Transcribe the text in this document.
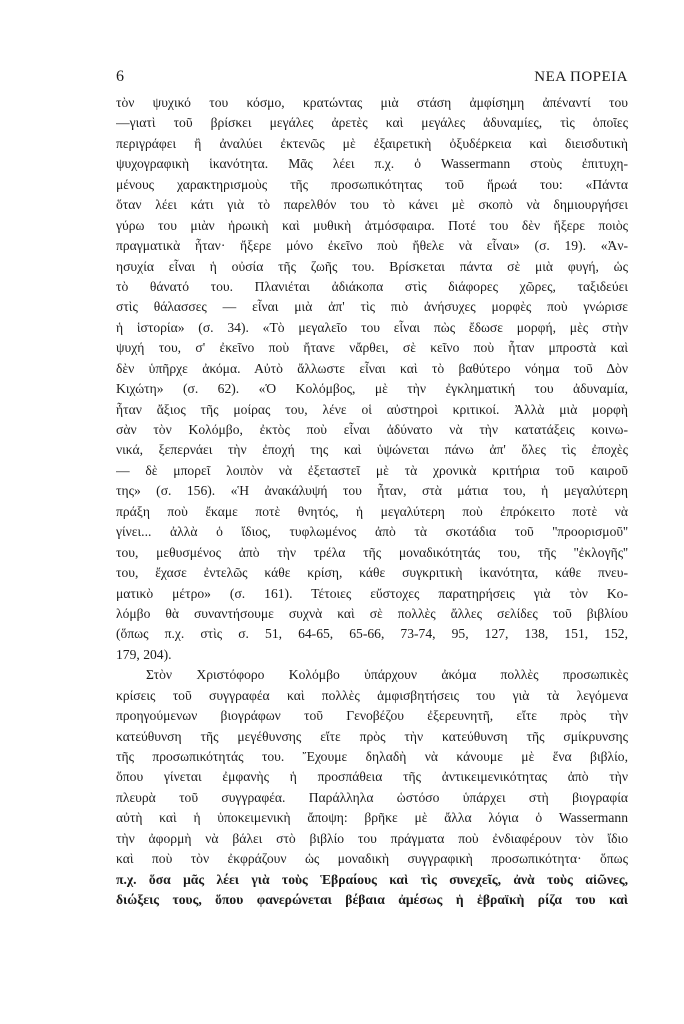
6	ΝΕΑ ΠΟΡΕΙΑ
τὸν ψυχικό του κόσμο, κρατώντας μιὰ στάση ἀμφίσημη ἀπέναντί του
—γιατὶ τοῦ βρίσκει μεγάλες ἀρετὲς καὶ μεγάλες ἀδυναμίες, τὶς ὁποῖες
περιγράφει ἢ ἀναλύει ἐκτενῶς μὲ ἐξαιρετικὴ ὀξυδέρκεια καὶ διεισδυτικὴ
ψυχογραφικὴ ἱκανότητα. Μᾶς λέει π.χ. ὁ Wassermann στοὺς ἐπιτυχη-
μένους χαρακτηρισμοὺς τῆς προσωπικότητας τοῦ ἥρωά του: «Πάντα
ὅταν λέει κάτι γιὰ τὸ παρελθόν του τὸ κάνει μὲ σκοπὸ νὰ δημιουργήσει
γύρω του μιὰν ἡρωικὴ καὶ μυθικὴ ἀτμόσφαιρα. Ποτέ του δὲν ἤξερε ποιὸς
πραγματικὰ ἦταν· ἤξερε μόνο ἐκεῖνο ποὺ ἤθελε νὰ εἶναι» (σ. 19). «Ἀν-
ησυχία εἶναι ἡ οὐσία τῆς ζωῆς του. Βρίσκεται πάντα σὲ μιὰ φυγή, ὡς
τὸ θάνατό του. Πλανιέται ἀδιάκοπα στὶς διάφορες χῶρες, ταξιδεύει
στὶς θάλασσες — εἶναι μιὰ ἀπ' τὶς πιὸ ἀνήσυχες μορφὲς ποὺ γνώρισε
ἡ ἱστορία» (σ. 34). «Τὸ μεγαλεῖο του εἶναι πὼς ἔδωσε μορφή, μὲς στὴν
ψυχή του, σ' ἐκεῖνο ποὺ ἤτανε νἄρθει, σὲ κεῖνο ποὺ ἦταν μπροστὰ καὶ
δὲν ὑπῆρχε ἀκόμα. Αὐτὸ ἄλλωστε εἶναι καὶ τὸ βαθύτερο νόημα τοῦ Δὸν
Κιχώτη» (σ. 62). «Ὁ Κολόμβος, μὲ τὴν ἐγκληματική του ἀδυναμία,
ἦταν ἄξιος τῆς μοίρας του, λένε οἱ αὐστηροὶ κριτικοί. Ἀλλὰ μιὰ μορφὴ
σὰν τὸν Κολόμβο, ἐκτὸς ποὺ εἶναι ἀδύνατο νὰ τὴν κατατάξεις κοινω-
νικά, ξεπερνάει τὴν ἐποχή της καὶ ὑψώνεται πάνω ἀπ' ὅλες τὶς ἐποχὲς
— δὲ μπορεῖ λοιπὸν νὰ ἐξεταστεῖ μὲ τὰ χρονικὰ κριτήρια τοῦ καιροῦ
της» (σ. 156). «Ἡ ἀνακάλυψή του ἦταν, στὰ μάτια του, ἡ μεγαλύτερη
πράξη ποὺ ἔκαμε ποτὲ θνητός, ἡ μεγαλύτερη ποὺ ἐπρόκειτο ποτὲ νὰ
γίνει... ἀλλὰ ὁ ἴδιος, τυφλωμένος ἀπὸ τὰ σκοτάδια τοῦ ''προορισμοῦ''
του, μεθυσμένος ἀπὸ τὴν τρέλα τῆς μοναδικότητάς του, τῆς ''ἐκλογῆς''
του, ἔχασε ἐντελῶς κάθε κρίση, κάθε συγκριτικὴ ἱκανότητα, κάθε πνευ-
ματικὸ μέτρο» (σ. 161). Τέτοιες εὔστοχες παρατηρήσεις γιὰ τὸν Κο-
λόμβο θὰ συναντήσουμε συχνὰ καὶ σὲ πολλὲς ἄλλες σελίδες τοῦ βιβλίου
(ὅπως π.χ. στὶς σ. 51, 64-65, 65-66, 73-74, 95, 127, 138, 151, 152,
179, 204).
Στὸν Χριστόφορο Κολόμβο ὑπάρχουν ἀκόμα πολλὲς προσωπικὲς
κρίσεις τοῦ συγγραφέα καὶ πολλὲς ἀμφισβητήσεις του γιὰ τὰ λεγόμενα
προηγούμενων βιογράφων τοῦ Γενοβέζου ἐξερευνητῆ, εἴτε πρὸς τὴν
κατεύθυνση τῆς μεγέθυνσης εἴτε πρὸς τὴν κατεύθυνση τῆς σμίκρυνσης
τῆς προσωπικότητάς του. Ἔχουμε δηλαδὴ νὰ κάνουμε μὲ ἕνα βιβλίο,
ὅπου γίνεται ἐμφανὴς ἡ προσπάθεια τῆς ἀντικειμενικότητας ἀπὸ τὴν
πλευρὰ τοῦ συγγραφέα. Παράλληλα ὡστόσο ὑπάρχει στὴ βιογραφία
αὐτὴ καὶ ἡ ὑποκειμενικὴ ἄποψη: βρῆκε μὲ ἄλλα λόγια ὁ Wassermann
τὴν ἀφορμὴ νὰ βάλει στὸ βιβλίο του πράγματα ποὺ ἐνδιαφέρουν τὸν ἴδιο
καὶ ποὺ τὸν ἐκφράζουν ὡς μοναδικὴ συγγραφικὴ προσωπικότητα· ὅπως
π.χ. ὅσα μᾶς λέει γιὰ τοὺς Ἑβραίους καὶ τὶς συνεχεῖς, ἀνὰ τοὺς αἰῶνες,
διώξεις τους, ὅπου φανερώνεται βέβαια ἀμέσως ἡ ἑβραϊκὴ ρίζα του καὶ
